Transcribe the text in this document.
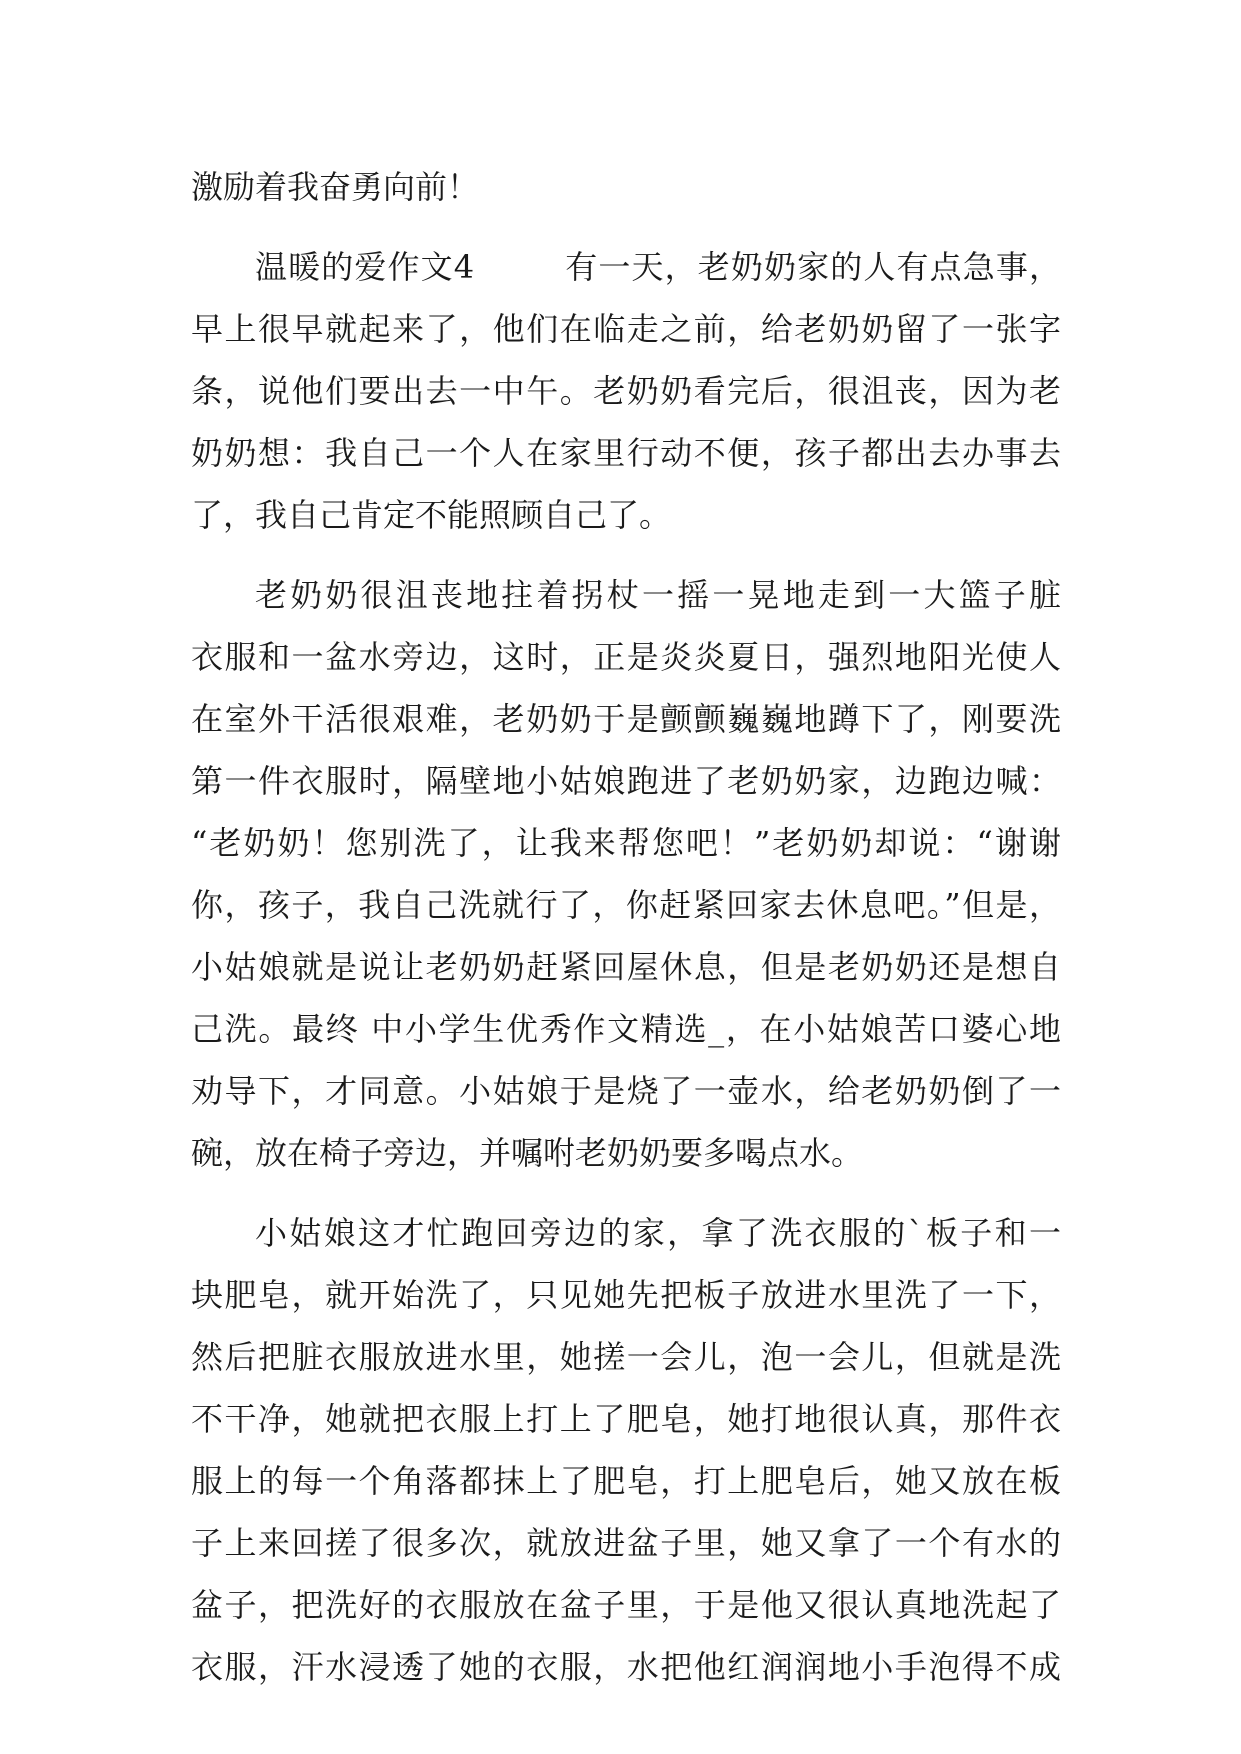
激励着我奋勇向前！
温暖的爱作文4	有一天，老奶奶家的人有点急事，
早上很早就起来了，他们在临走之前，给老奶奶留了一张字
条，说他们要出去一中午。老奶奶看完后，很沮丧，因为老
奶奶想：我自己一个人在家里行动不便，孩子都出去办事去
了，我自己肯定不能照顾自己了。
老奶奶很沮丧地拄着拐杖一摇一晃地走到一大篮子脏
衣服和一盆水旁边，这时，正是炎炎夏日，强烈地阳光使人
在室外干活很艰难，老奶奶于是颤颤巍巍地蹲下了，刚要洗
第一件衣服时，隔壁地小姑娘跑进了老奶奶家，边跑边喊：
“老奶奶！您别洗了，让我来帮您吧！”老奶奶却说：“谢谢
你，孩子，我自己洗就行了，你赶紧回家去休息吧。”但是，
小姑娘就是说让老奶奶赶紧回屋休息，但是老奶奶还是想自
己洗。最终 中小学生优秀作文精选_，在小姑娘苦口婆心地
劝导下，才同意。小姑娘于是烧了一壶水，给老奶奶倒了一
碗，放在椅子旁边，并嘱咐老奶奶要多喝点水。
小姑娘这才忙跑回旁边的家，拿了洗衣服的`板子和一
块肥皂，就开始洗了，只见她先把板子放进水里洗了一下，
然后把脏衣服放进水里，她搓一会儿，泡一会儿，但就是洗
不干净，她就把衣服上打上了肥皂，她打地很认真，那件衣
服上的每一个角落都抹上了肥皂，打上肥皂后，她又放在板
子上来回搓了很多次，就放进盆子里，她又拿了一个有水的
盆子，把洗好的衣服放在盆子里，于是他又很认真地洗起了
衣服，汗水浸透了她的衣服，水把他红润润地小手泡得不成
